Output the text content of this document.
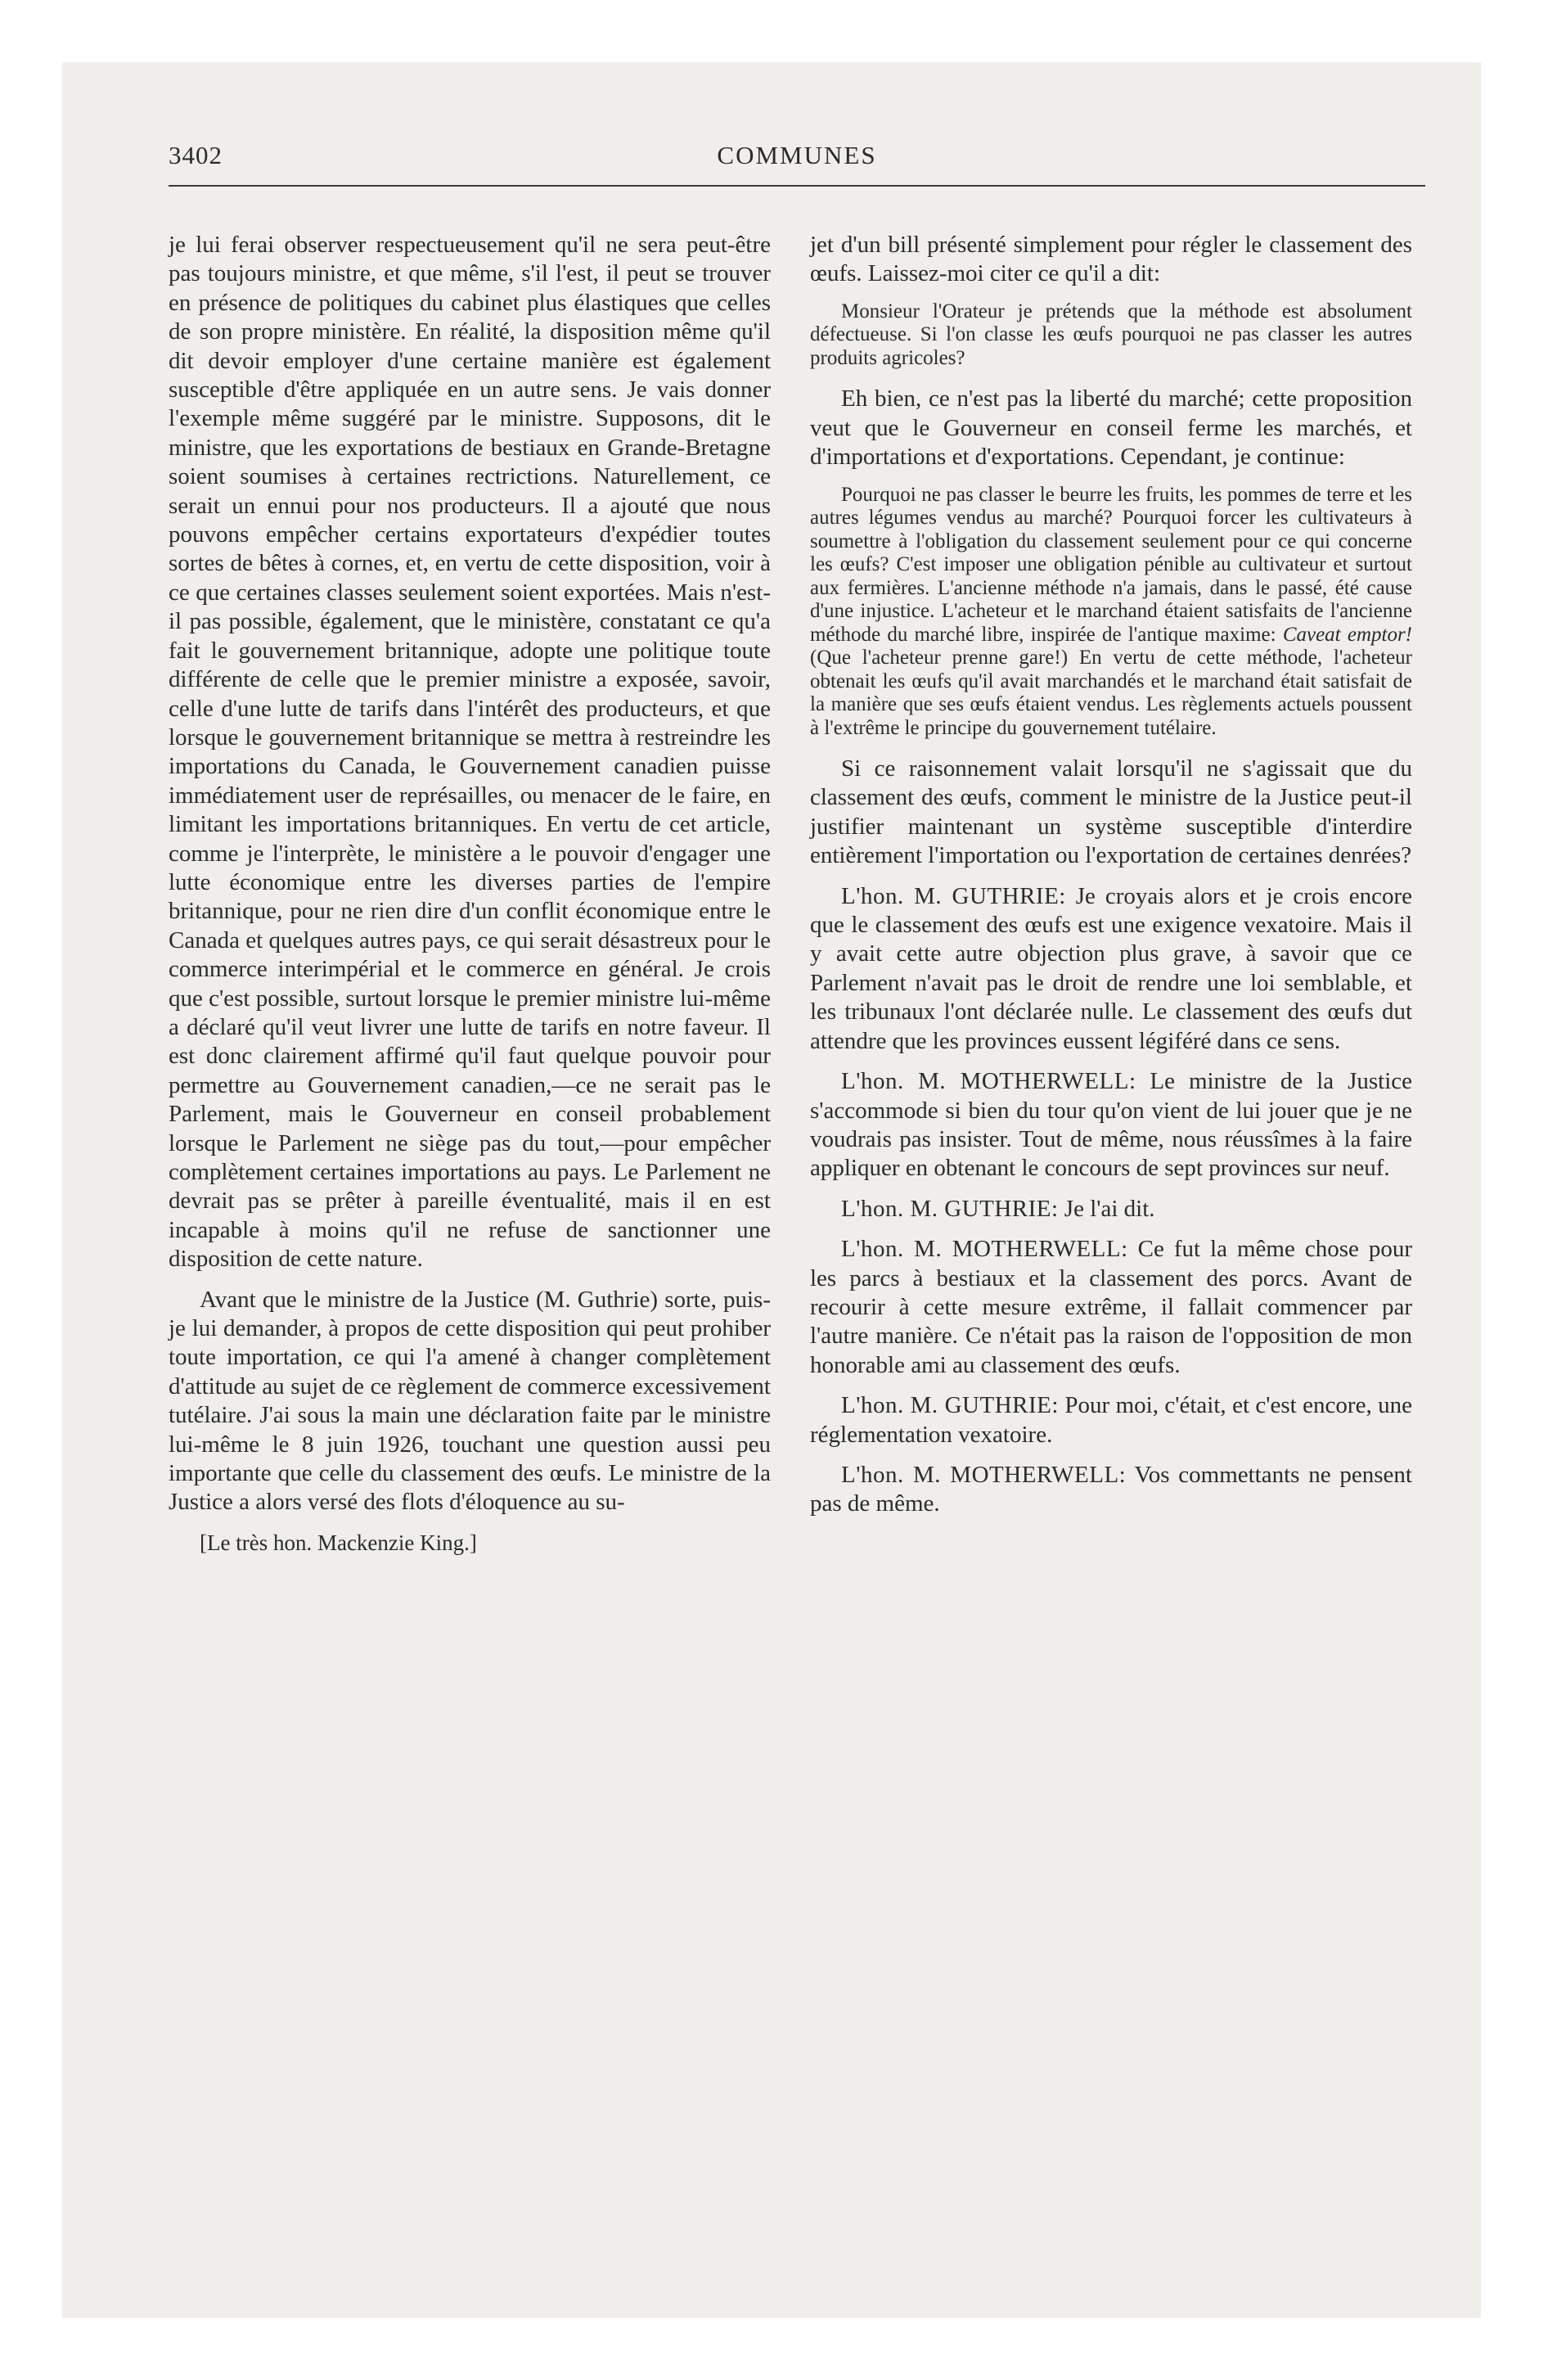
3402	COMMUNES

je lui ferai observer respectueusement qu'il ne sera peut-être pas toujours ministre, et que même, s'il l'est, il peut se trouver en présence de politiques du cabinet plus élastiques que celles de son propre ministère. En réalité, la disposition même qu'il dit devoir employer d'une certaine manière est également susceptible d'être appliquée en un autre sens. Je vais donner l'exemple même suggéré par le ministre. Supposons, dit le ministre, que les exportations de bestiaux en Grande-Bretagne soient soumises à certaines rectrictions. Naturellement, ce serait un ennui pour nos producteurs. Il a ajouté que nous pouvons empêcher certains exportateurs d'expédier toutes sortes de bêtes à cornes, et, en vertu de cette disposition, voir à ce que certaines classes seulement soient exportées. Mais n'est-il pas possible, également, que le ministère, constatant ce qu'a fait le gouvernement britannique, adopte une politique toute différente de celle que le premier ministre a exposée, savoir, celle d'une lutte de tarifs dans l'intérêt des producteurs, et que lorsque le gouvernement britannique se mettra à restreindre les importations du Canada, le Gouvernement canadien puisse immédiatement user de représailles, ou menacer de le faire, en limitant les importations britanniques. En vertu de cet article, comme je l'interprète, le ministère a le pouvoir d'engager une lutte économique entre les diverses parties de l'empire britannique, pour ne rien dire d'un conflit économique entre le Canada et quelques autres pays, ce qui serait désastreux pour le commerce interimpérial et le commerce en général. Je crois que c'est possible, surtout lorsque le premier ministre lui-même a déclaré qu'il veut livrer une lutte de tarifs en notre faveur. Il est donc clairement affirmé qu'il faut quelque pouvoir pour permettre au Gouvernement canadien,—ce ne serait pas le Parlement, mais le Gouverneur en conseil probablement lorsque le Parlement ne siège pas du tout,—pour empêcher complètement certaines importations au pays. Le Parlement ne devrait pas se prêter à pareille éventualité, mais il en est incapable à moins qu'il ne refuse de sanctionner une disposition de cette nature.

Avant que le ministre de la Justice (M. Guthrie) sorte, puis-je lui demander, à propos de cette disposition qui peut prohiber toute importation, ce qui l'a amené à changer complètement d'attitude au sujet de ce règlement de commerce excessivement tutélaire. J'ai sous la main une déclaration faite par le ministre lui-même le 8 juin 1926, touchant une question aussi peu importante que celle du classement des œufs. Le ministre de la Justice a alors versé des flots d'éloquence au su-

[Le très hon. Mackenzie King.]

jet d'un bill présenté simplement pour régler le classement des œufs. Laissez-moi citer ce qu'il a dit:

Monsieur l'Orateur je prétends que la méthode est absolument défectueuse. Si l'on classe les œufs pourquoi ne pas classer les autres produits agricoles?

Eh bien, ce n'est pas la liberté du marché; cette proposition veut que le Gouverneur en conseil ferme les marchés, et d'importations et d'exportations. Cependant, je continue:

Pourquoi ne pas classer le beurre les fruits, les pommes de terre et les autres légumes vendus au marché? Pourquoi forcer les cultivateurs à soumettre à l'obligation du classement seulement pour ce qui concerne les œufs? C'est imposer une obligation pénible au cultivateur et surtout aux fermières. L'ancienne méthode n'a jamais, dans le passé, été cause d'une injustice. L'acheteur et le marchand étaient satisfaits de l'ancienne méthode du marché libre, inspirée de l'antique maxime: Caveat emptor! (Que l'acheteur prenne gare!) En vertu de cette méthode, l'acheteur obtenait les œufs qu'il avait marchandés et le marchand était satisfait de la manière que ses œufs étaient vendus. Les règlements actuels poussent à l'extrême le principe du gouvernement tutélaire.

Si ce raisonnement valait lorsqu'il ne s'agissait que du classement des œufs, comment le ministre de la Justice peut-il justifier maintenant un système susceptible d'interdire entièrement l'importation ou l'exportation de certaines denrées?

L'hon. M. GUTHRIE: Je croyais alors et je crois encore que le classement des œufs est une exigence vexatoire. Mais il y avait cette autre objection plus grave, à savoir que ce Parlement n'avait pas le droit de rendre une loi semblable, et les tribunaux l'ont déclarée nulle. Le classement des œufs dut attendre que les provinces eussent légiféré dans ce sens.

L'hon. M. MOTHERWELL: Le ministre de la Justice s'accommode si bien du tour qu'on vient de lui jouer que je ne voudrais pas insister. Tout de même, nous réussîmes à la faire appliquer en obtenant le concours de sept provinces sur neuf.

L'hon. M. GUTHRIE: Je l'ai dit.

L'hon. M. MOTHERWELL: Ce fut la même chose pour les parcs à bestiaux et la classement des porcs. Avant de recourir à cette mesure extrême, il fallait commencer par l'autre manière. Ce n'était pas la raison de l'opposition de mon honorable ami au classement des œufs.

L'hon. M. GUTHRIE: Pour moi, c'était, et c'est encore, une réglementation vexatoire.

L'hon. M. MOTHERWELL: Vos commettants ne pensent pas de même.
